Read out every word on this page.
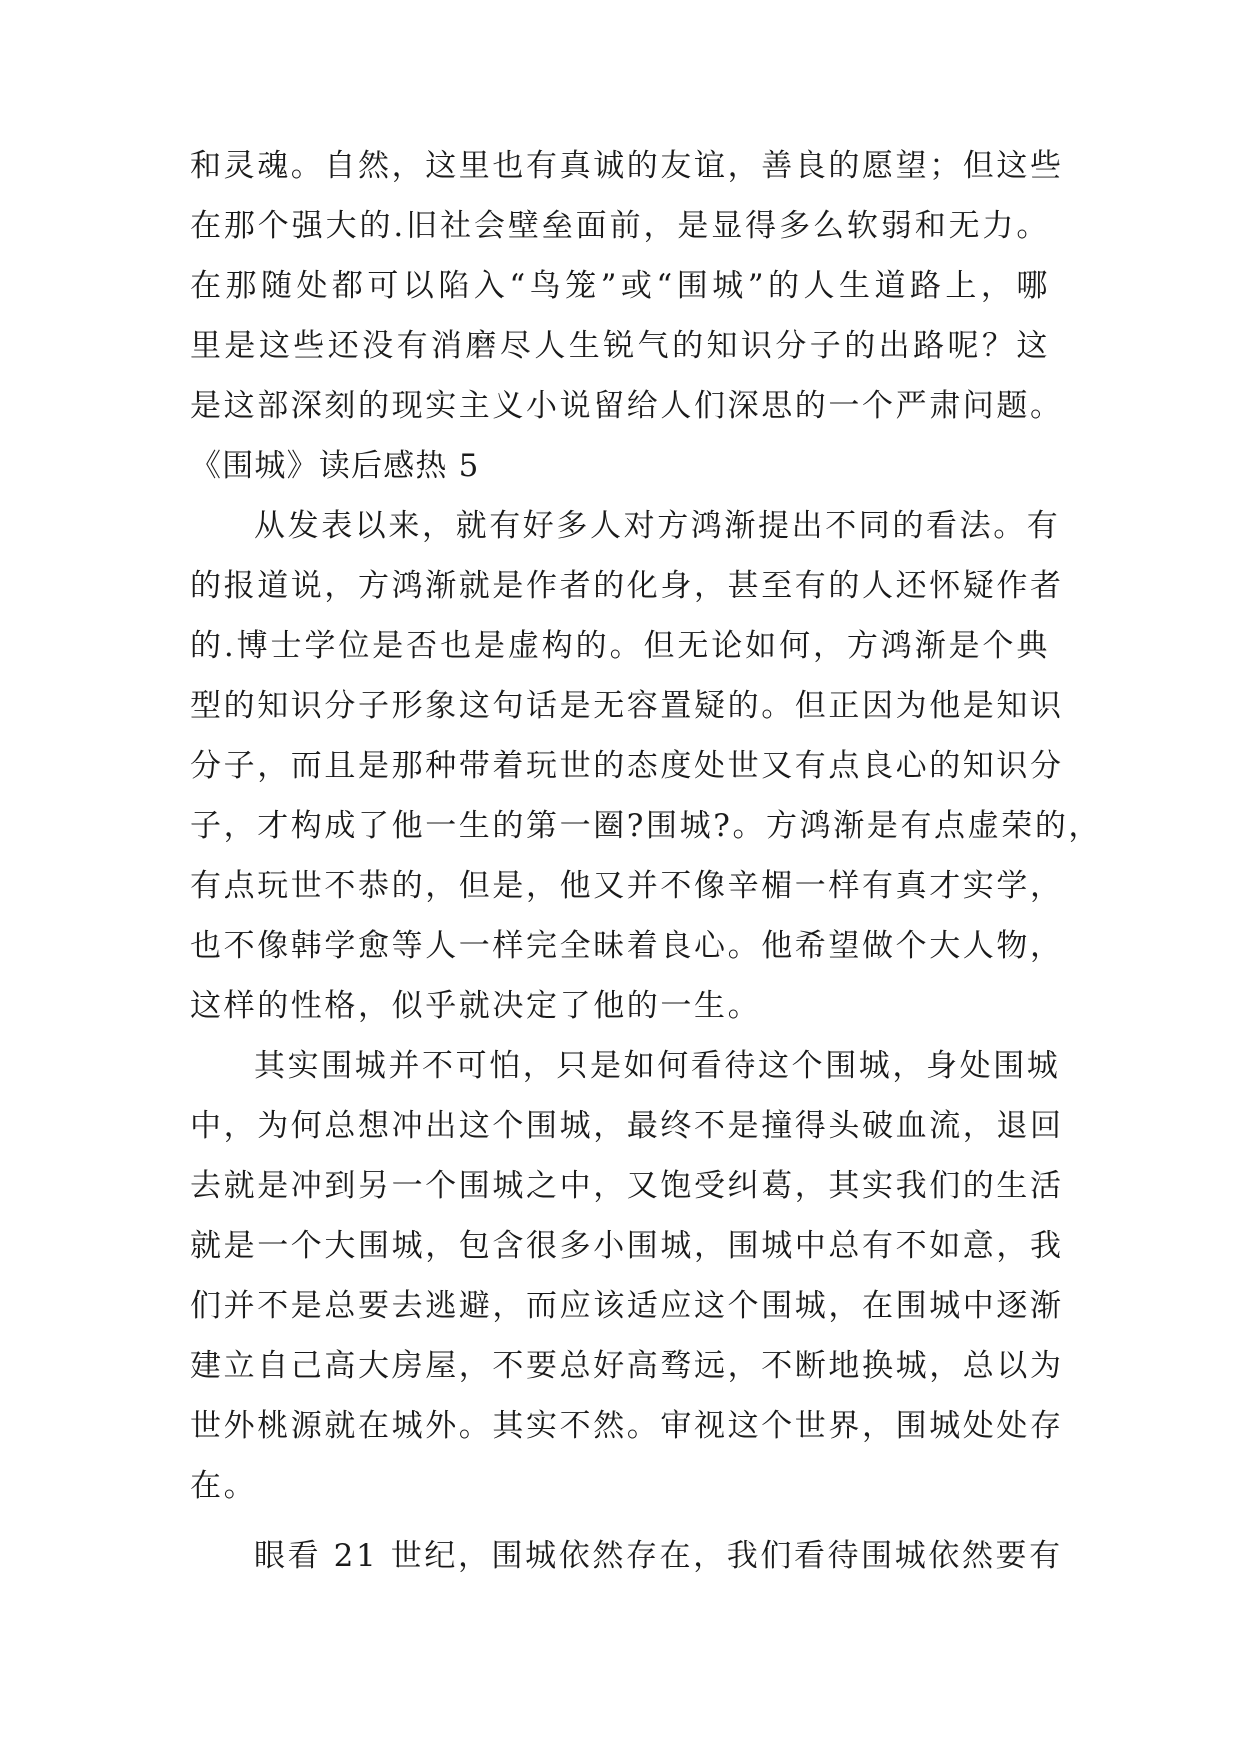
和灵魂。自然，这里也有真诚的友谊，善良的愿望；但这些
在那个强大的.旧社会壁垒面前，是显得多么软弱和无力。
在那随处都可以陷入“鸟笼”或“围城”的人生道路上，哪
里是这些还没有消磨尽人生锐气的知识分子的出路呢？这
是这部深刻的现实主义小说留给人们深思的一个严肃问题。
《围城》读后感热 5
从发表以来，就有好多人对方鸿渐提出不同的看法。有
的报道说，方鸿渐就是作者的化身，甚至有的人还怀疑作者
的.博士学位是否也是虚构的。但无论如何，方鸿渐是个典
型的知识分子形象这句话是无容置疑的。但正因为他是知识
分子，而且是那种带着玩世的态度处世又有点良心的知识分
子，才构成了他一生的第一圈?围城?。方鸿渐是有点虚荣的，
有点玩世不恭的，但是，他又并不像辛楣一样有真才实学，
也不像韩学愈等人一样完全昧着良心。他希望做个大人物，
这样的性格，似乎就决定了他的一生。
其实围城并不可怕，只是如何看待这个围城，身处围城
中，为何总想冲出这个围城，最终不是撞得头破血流，退回
去就是冲到另一个围城之中，又饱受纠葛，其实我们的生活
就是一个大围城，包含很多小围城，围城中总有不如意，我
们并不是总要去逃避，而应该适应这个围城，在围城中逐渐
建立自己高大房屋，不要总好高骛远，不断地换城，总以为
世外桃源就在城外。其实不然。审视这个世界，围城处处存
在。
眼看 21 世纪，围城依然存在，我们看待围城依然要有
